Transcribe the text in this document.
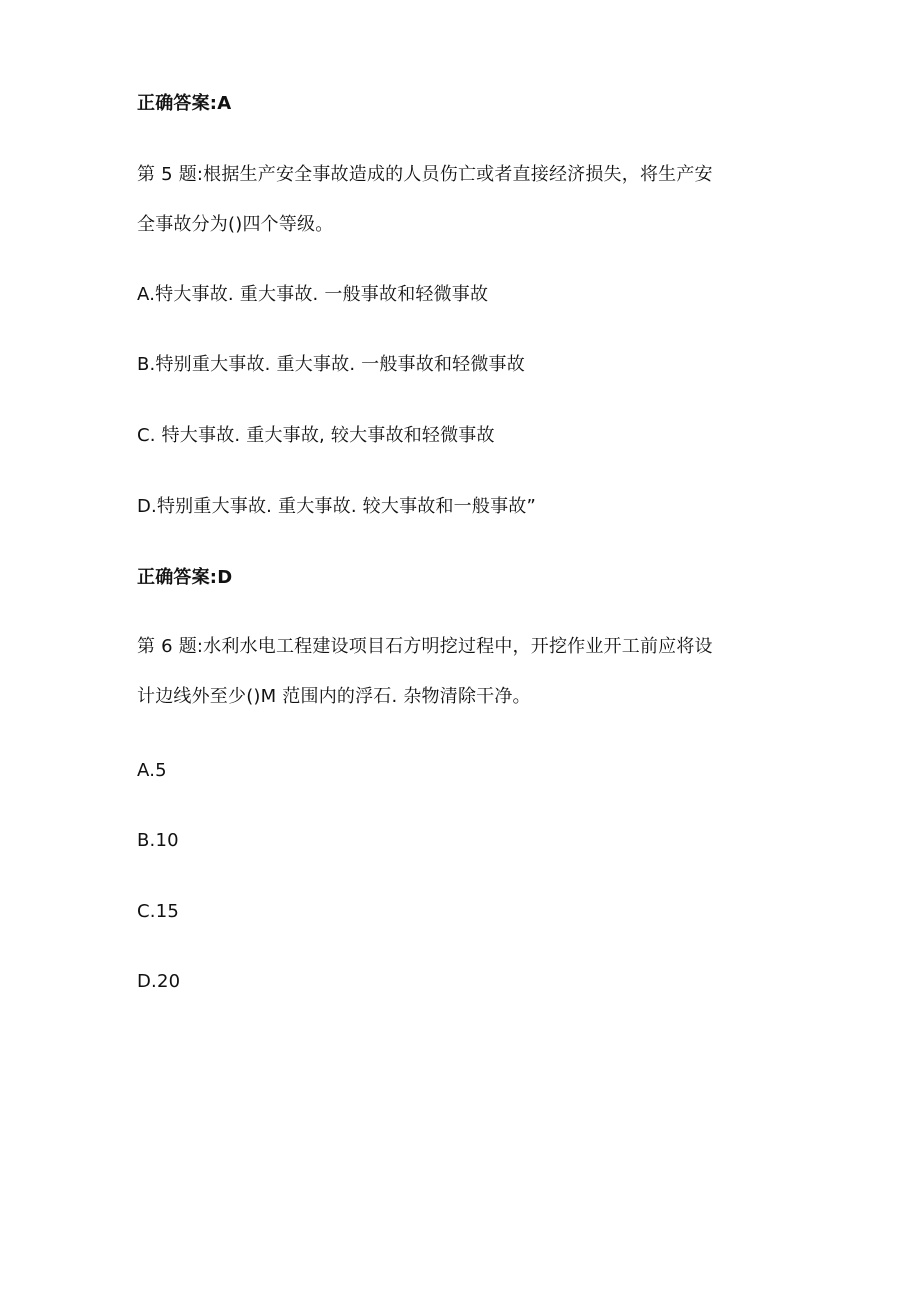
正确答案:A
第 5 题:根据生产安全事故造成的人员伤亡或者直接经济损失，将生产安
全事故分为()四个等级。
A.特大事故. 重大事故. 一般事故和轻微事故
B.特别重大事故. 重大事故. 一般事故和轻微事故
C. 特大事故. 重大事故, 较大事故和轻微事故
D.特别重大事故. 重大事故. 较大事故和一般事故”
正确答案:D
第 6 题:水利水电工程建设项目石方明挖过程中，开挖作业开工前应将设
计边线外至少()M 范围内的浮石. 杂物清除干净。
A.5
B.10
C.15
D.20
